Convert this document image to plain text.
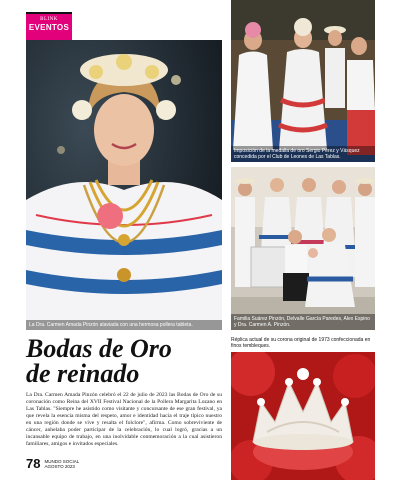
BLINK
EVENTOS
La Dra. Carmen Amada Pinzón ataviada con una hermosa pollera tableta.
Imposición de la medalla de oro Sergio Pérez y Vásquez concedida por el Club de Leones de Las Tablas.
Familia Suárez Pinzón, Delvalle García Paredes, Alex Espino y Dra. Carmen A. Pinzón.
Réplica actual de su corona original de 1973 confeccionada en finos tembleques.
Bodas de Oro
de reinado

La Dra. Carmen Amada Pinzón celebró el 22 de julio de 2023 las Bodas de Oro de su coronación como Reina del XVII Festival Nacional de la Pollera Margarita Lozano en Las Tablas. "Siempre he asistido como visitante y concursante de ese gran festival, ya que revela la esencia misma del respeto, amor e identidad hacia el traje típico nuestro en una región donde se vive y resalta el folclore", afirma. Como sobreviviente de cáncer, anhelaba poder participar de la celebración, lo cual logró, gracias a un incansable equipo de trabajo, en una inolvidable conmemoración a la cual asistieron familiares, amigos e invitados especiales.

78 MUNDO SOCIAL
AGOSTO 2023
